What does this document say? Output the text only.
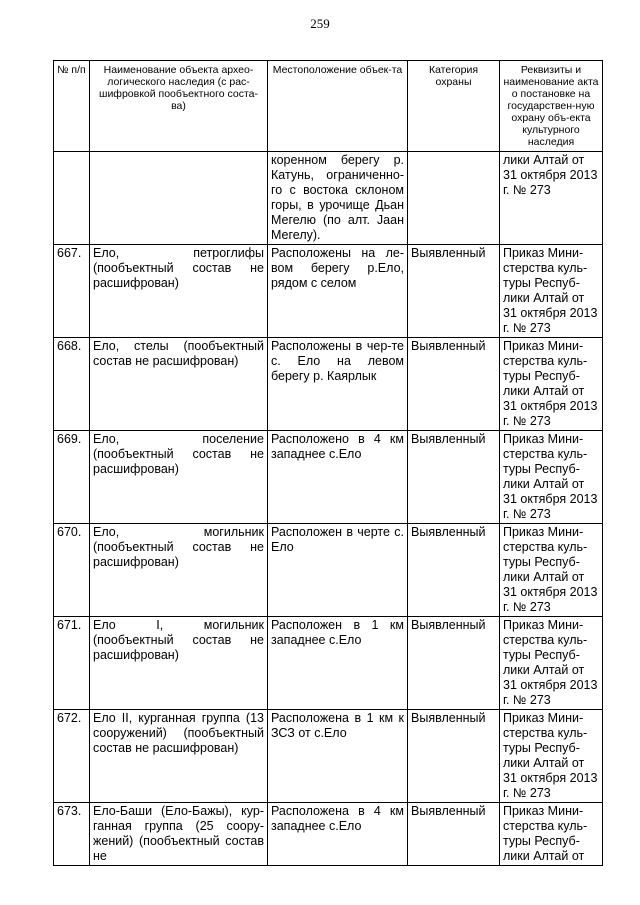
259
№ п/п	Наименование объекта архео-логического наследия (с рас-шифровкой пообъектного соста-ва)	Местоположение объек-та	Категория охраны	Реквизиты и наименование акта о постановке на государствен-ную охрану объ-екта культурного наследия
		коренном берегу р. Катунь, ограниченно-го с востока склоном горы, в урочище Дьан Мегелю (по алт. Jаан Мегелу).		лики Алтай от 31 октября 2013 г. № 273
667.	Ело, петроглифы (пообъектный состав не расшифрован)	Расположены на ле-вом берегу р.Ело, рядом с селом	Выявленный	Приказ Мини-стерства куль-туры Респуб-лики Алтай от 31 октября 2013 г. № 273
668.	Ело, стелы (пообъектный состав не расшифрован)	Расположены в чер-те с. Ело на левом берегу р. Каярлык	Выявленный	Приказ Мини-стерства куль-туры Респуб-лики Алтай от 31 октября 2013 г. № 273
669.	Ело, поселение (пообъектный состав не расшифрован)	Расположено в 4 км западнее с.Ело	Выявленный	Приказ Мини-стерства куль-туры Респуб-лики Алтай от 31 октября 2013 г. № 273
670.	Ело, могильник (пообъектный состав не расшифрован)	Расположен в черте с. Ело	Выявленный	Приказ Мини-стерства куль-туры Респуб-лики Алтай от 31 октября 2013 г. № 273
671.	Ело I, могильник (пообъектный состав не расшифрован)	Расположен в 1 км западнее с.Ело	Выявленный	Приказ Мини-стерства куль-туры Респуб-лики Алтай от 31 октября 2013 г. № 273
672.	Ело II, курганная группа (13 сооружений) (пообъектный состав не расшифрован)	Расположена в 1 км к ЗСЗ от с.Ело	Выявленный	Приказ Мини-стерства куль-туры Респуб-лики Алтай от 31 октября 2013 г. № 273
673.	Ело-Баши (Ело-Бажы), кур-ганная группа (25 соору-жений) (пообъектный состав не	Расположена в 4 км западнее с.Ело	Выявленный	Приказ Мини-стерства куль-туры Респуб-лики Алтай от
